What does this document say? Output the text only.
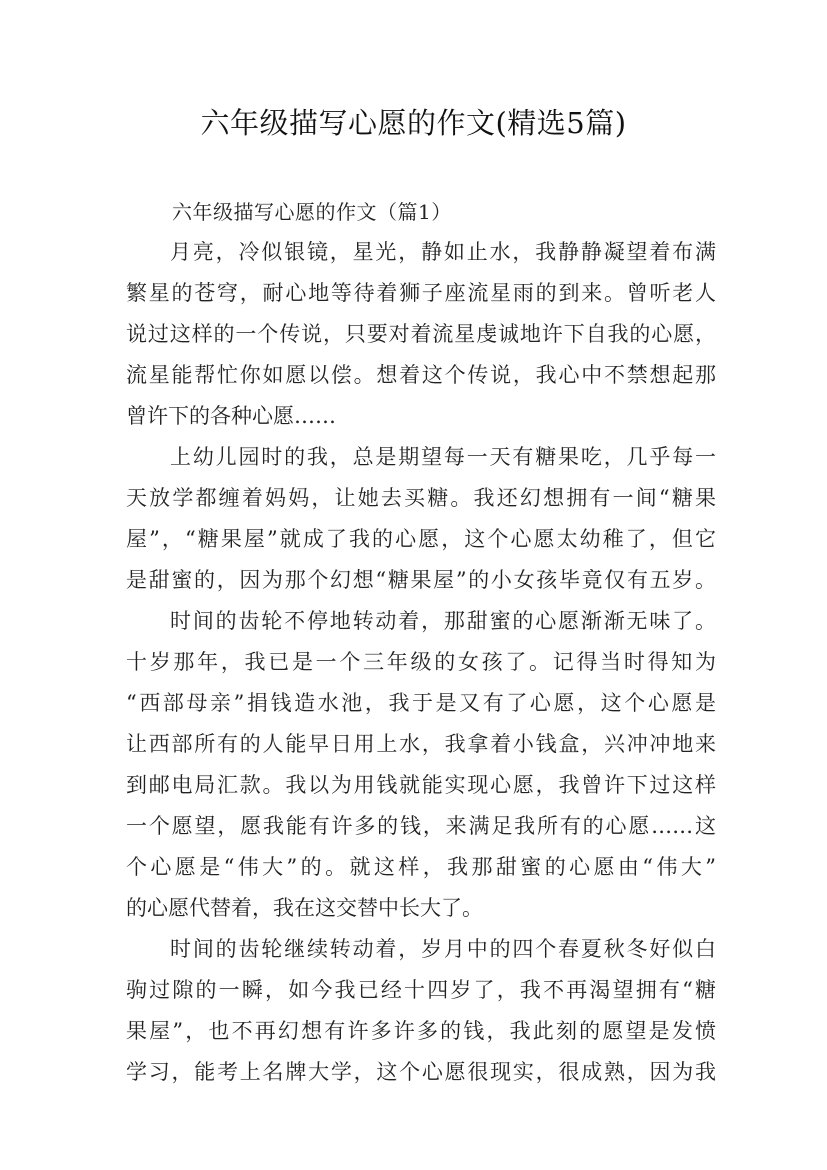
六年级描写心愿的作文(精选5篇)
六年级描写心愿的作文（篇1）
月亮，冷似银镜，星光，静如止水，我静静凝望着布满
繁星的苍穹，耐心地等待着狮子座流星雨的到来。曾听老人
说过这样的一个传说，只要对着流星虔诚地许下自我的心愿，
流星能帮忙你如愿以偿。想着这个传说，我心中不禁想起那
曾许下的各种心愿……
上幼儿园时的我，总是期望每一天有糖果吃，几乎每一
天放学都缠着妈妈，让她去买糖。我还幻想拥有一间“糖果
屋”，“糖果屋”就成了我的心愿，这个心愿太幼稚了，但它
是甜蜜的，因为那个幻想“糖果屋”的小女孩毕竟仅有五岁。
时间的齿轮不停地转动着，那甜蜜的心愿渐渐无味了。
十岁那年，我已是一个三年级的女孩了。记得当时得知为
“西部母亲”捐钱造水池，我于是又有了心愿，这个心愿是
让西部所有的人能早日用上水，我拿着小钱盒，兴冲冲地来
到邮电局汇款。我以为用钱就能实现心愿，我曾许下过这样
一个愿望，愿我能有许多的钱，来满足我所有的心愿……这
个心愿是“伟大”的。就这样，我那甜蜜的心愿由“伟大”
的心愿代替着，我在这交替中长大了。
时间的齿轮继续转动着，岁月中的四个春夏秋冬好似白
驹过隙的一瞬，如今我已经十四岁了，我不再渴望拥有“糖
果屋”，也不再幻想有许多许多的钱，我此刻的愿望是发愤
学习，能考上名牌大学，这个心愿很现实，很成熟，因为我
